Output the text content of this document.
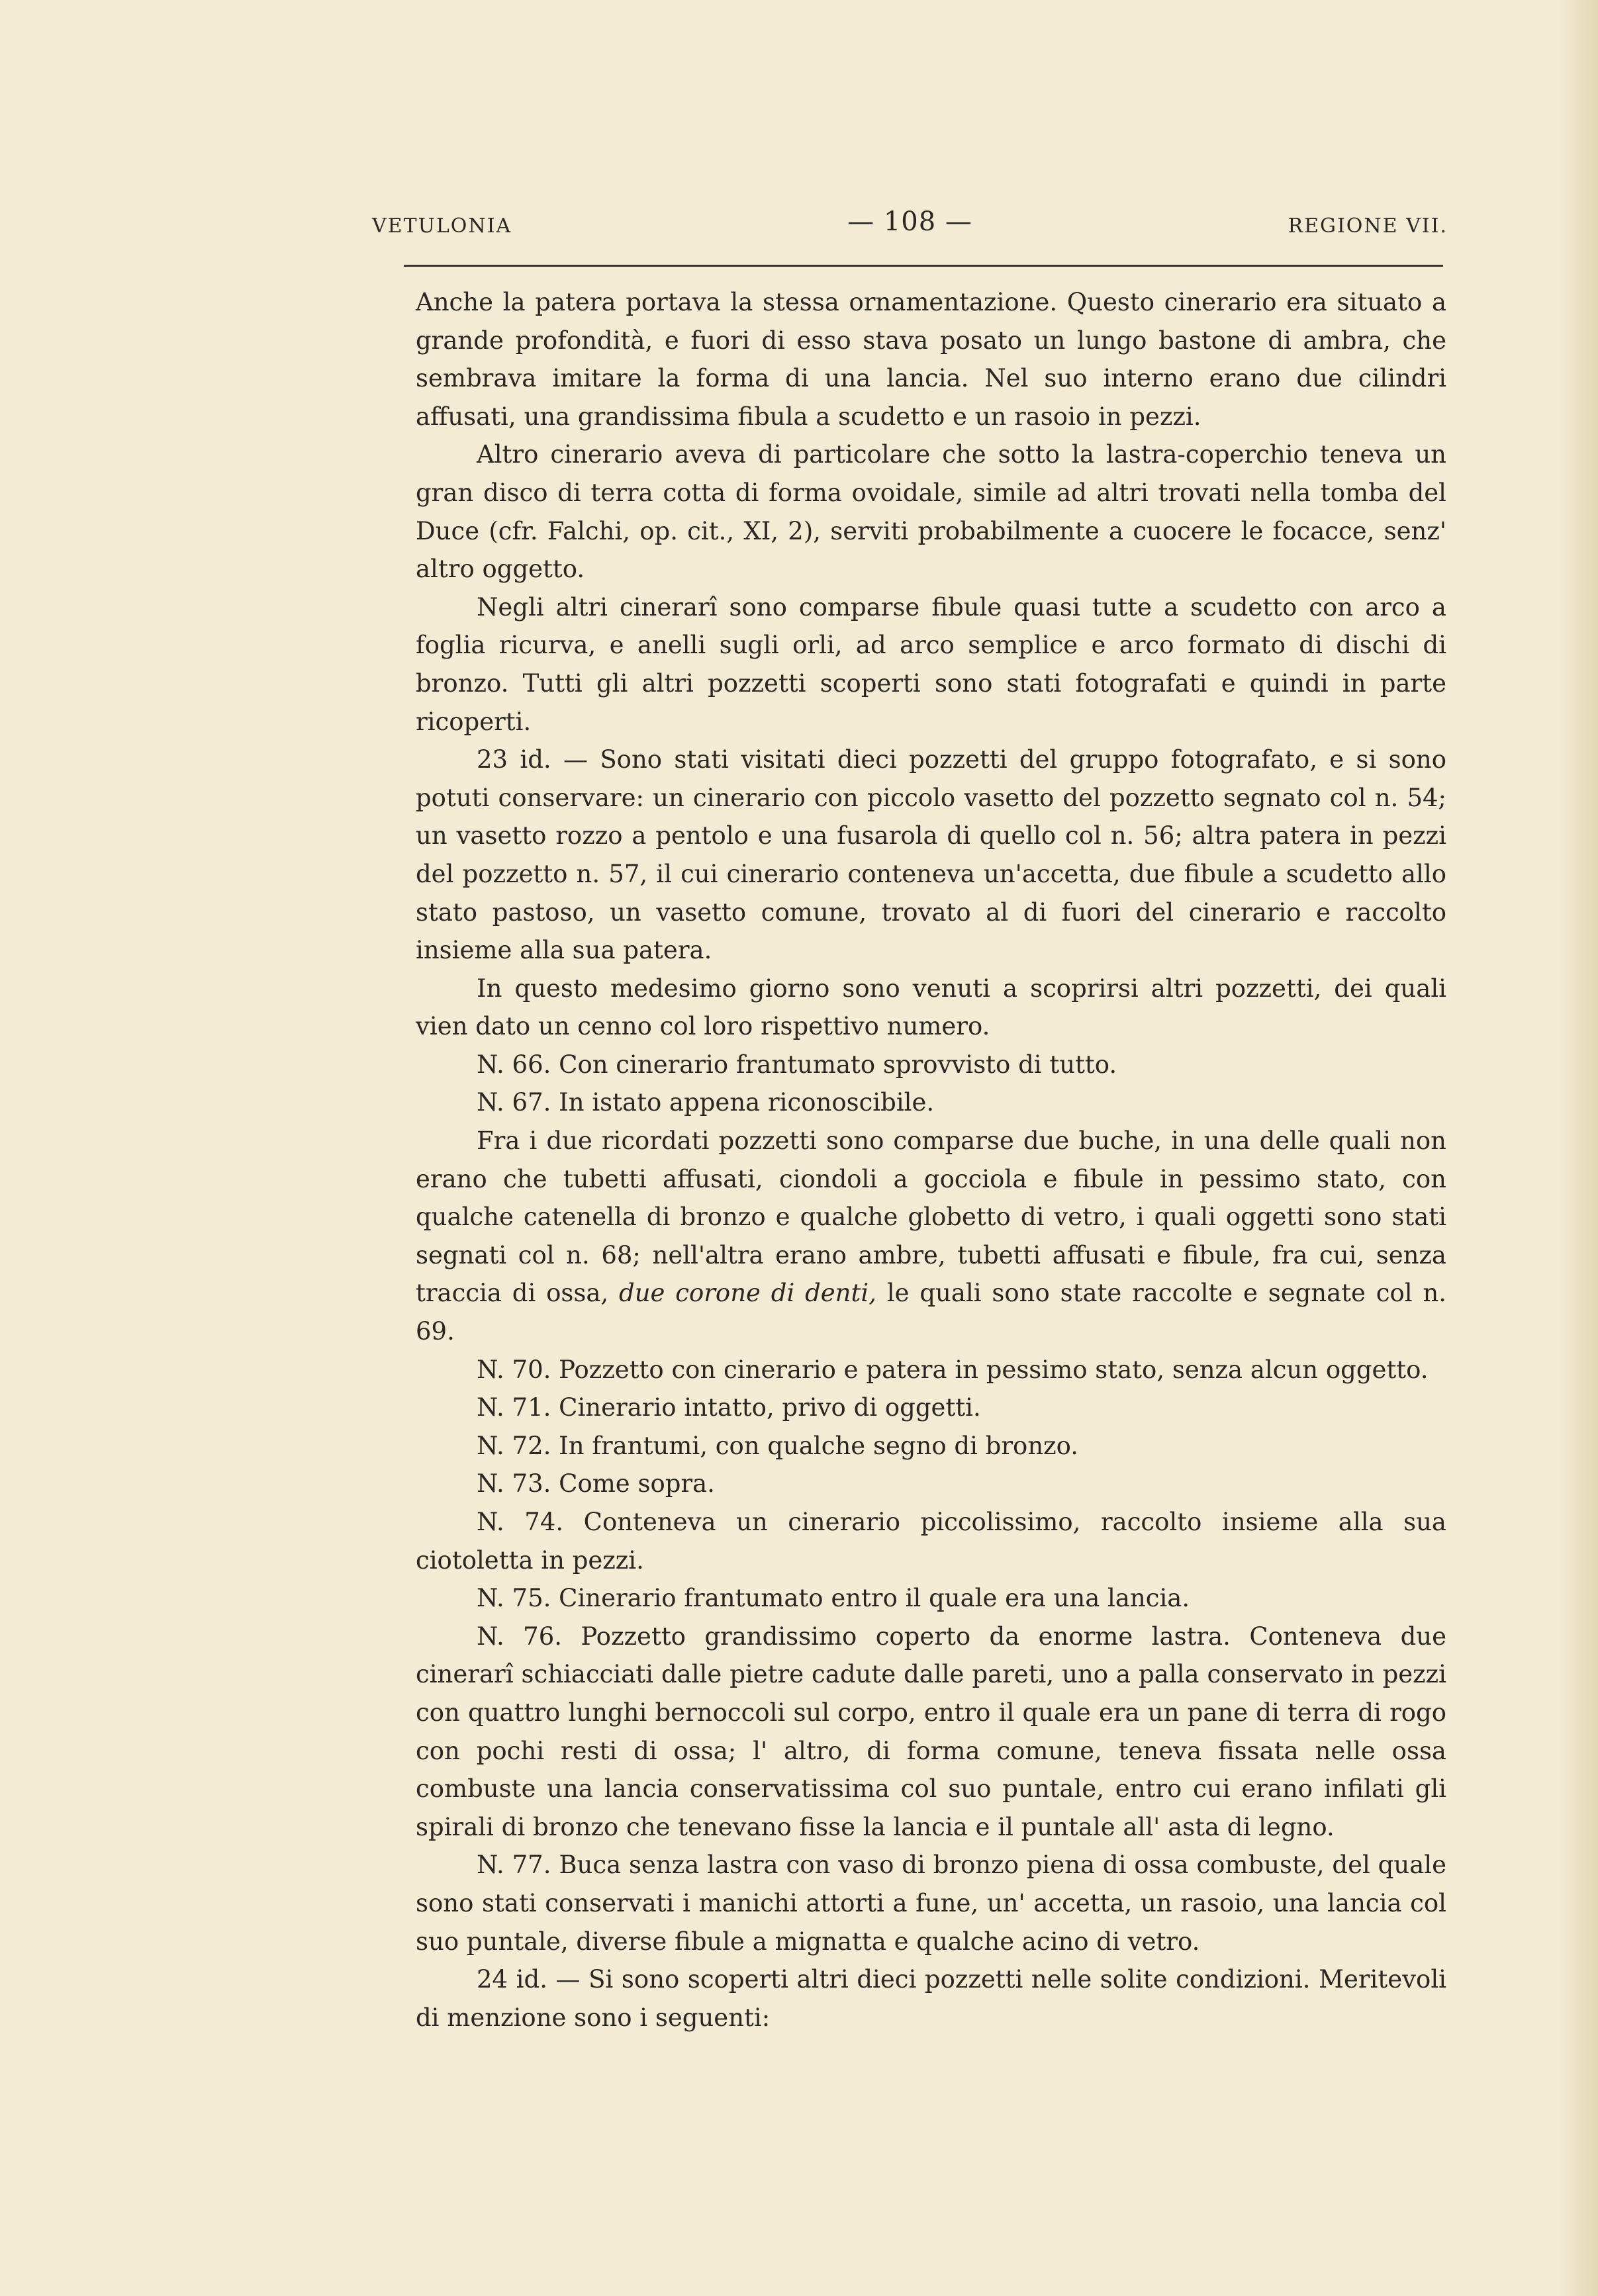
VETULONIA	— 108 —	REGIONE VII.

Anche la patera portava la stessa ornamentazione. Questo cinerario era situato a grande profondità, e fuori di esso stava posato un lungo bastone di ambra, che sembrava imitare la forma di una lancia. Nel suo interno erano due cilindri affusati, una grandissima fibula a scudetto e un rasoio in pezzi.

Altro cinerario aveva di particolare che sotto la lastra-coperchio teneva un gran disco di terra cotta di forma ovoidale, simile ad altri trovati nella tomba del Duce (cfr. Falchi, op. cit., XI, 2), serviti probabilmente a cuocere le focacce, senz' altro oggetto.

Negli altri cinerarî sono comparse fibule quasi tutte a scudetto con arco a foglia ricurva, e anelli sugli orli, ad arco semplice e arco formato di dischi di bronzo. Tutti gli altri pozzetti scoperti sono stati fotografati e quindi in parte ricoperti.

23 id. — Sono stati visitati dieci pozzetti del gruppo fotografato, e si sono potuti conservare: un cinerario con piccolo vasetto del pozzetto segnato col n. 54; un vasetto rozzo a pentolo e una fusarola di quello col n. 56; altra patera in pezzi del pozzetto n. 57, il cui cinerario conteneva un'accetta, due fibule a scudetto allo stato pastoso, un vasetto comune, trovato al di fuori del cinerario e raccolto insieme alla sua patera.

In questo medesimo giorno sono venuti a scoprirsi altri pozzetti, dei quali vien dato un cenno col loro rispettivo numero.

N. 66. Con cinerario frantumato sprovvisto di tutto.

N. 67. In istato appena riconoscibile.

Fra i due ricordati pozzetti sono comparse due buche, in una delle quali non erano che tubetti affusati, ciondoli a gocciola e fibule in pessimo stato, con qualche catenella di bronzo e qualche globetto di vetro, i quali oggetti sono stati segnati col n. 68; nell'altra erano ambre, tubetti affusati e fibule, fra cui, senza traccia di ossa, due corone di denti, le quali sono state raccolte e segnate col n. 69.

N. 70. Pozzetto con cinerario e patera in pessimo stato, senza alcun oggetto.

N. 71. Cinerario intatto, privo di oggetti.

N. 72. In frantumi, con qualche segno di bronzo.

N. 73. Come sopra.

N. 74. Conteneva un cinerario piccolissimo, raccolto insieme alla sua ciotoletta in pezzi.

N. 75. Cinerario frantumato entro il quale era una lancia.

N. 76. Pozzetto grandissimo coperto da enorme lastra. Conteneva due cinerarî schiacciati dalle pietre cadute dalle pareti, uno a palla conservato in pezzi con quattro lunghi bernoccoli sul corpo, entro il quale era un pane di terra di rogo con pochi resti di ossa; l' altro, di forma comune, teneva fissata nelle ossa combuste una lancia conservatissima col suo puntale, entro cui erano infilati gli spirali di bronzo che tenevano fisse la lancia e il puntale all' asta di legno.

N. 77. Buca senza lastra con vaso di bronzo piena di ossa combuste, del quale sono stati conservati i manichi attorti a fune, un' accetta, un rasoio, una lancia col suo puntale, diverse fibule a mignatta e qualche acino di vetro.

24 id. — Si sono scoperti altri dieci pozzetti nelle solite condizioni. Meritevoli di menzione sono i seguenti:
